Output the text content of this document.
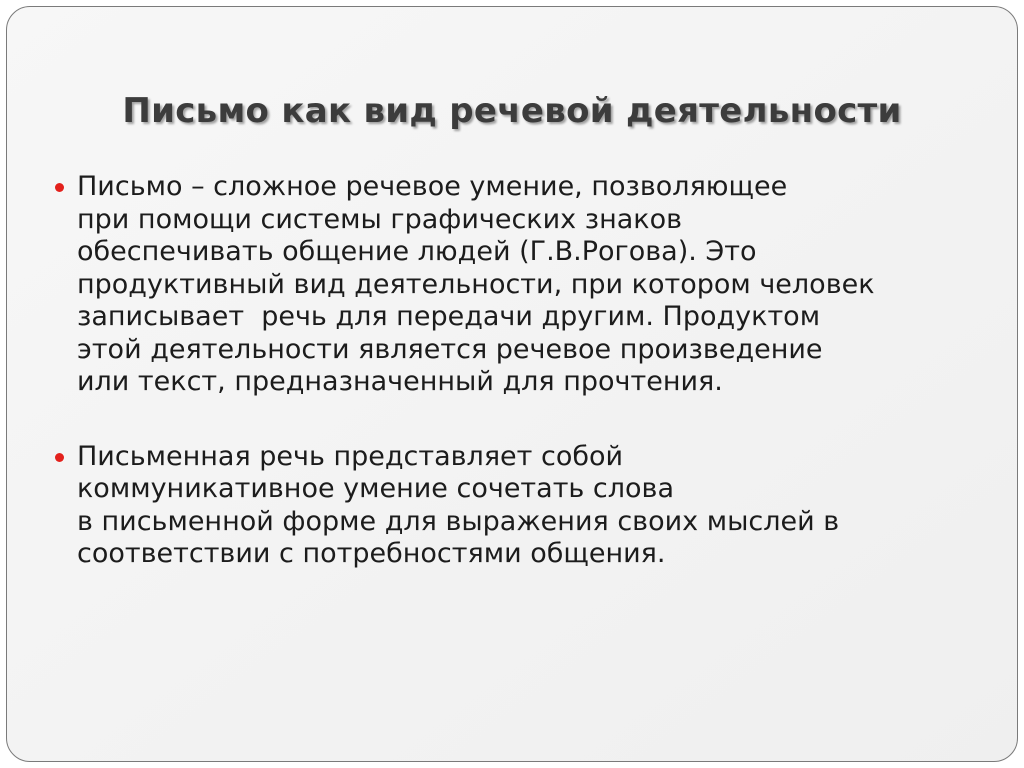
Письмо как вид речевой деятельности
Письмо – сложное речевое умение, позволяющее
при помощи системы графических знаков
обеспечивать общение людей (Г.В.Рогова). Это
продуктивный вид деятельности, при котором человек
записывает  речь для передачи другим. Продуктом
этой деятельности является речевое произведение
или текст, предназначенный для прочтения.
Письменная речь представляет собой
коммуникативное умение сочетать слова
в письменной форме для выражения своих мыслей в
соответствии с потребностями общения.
